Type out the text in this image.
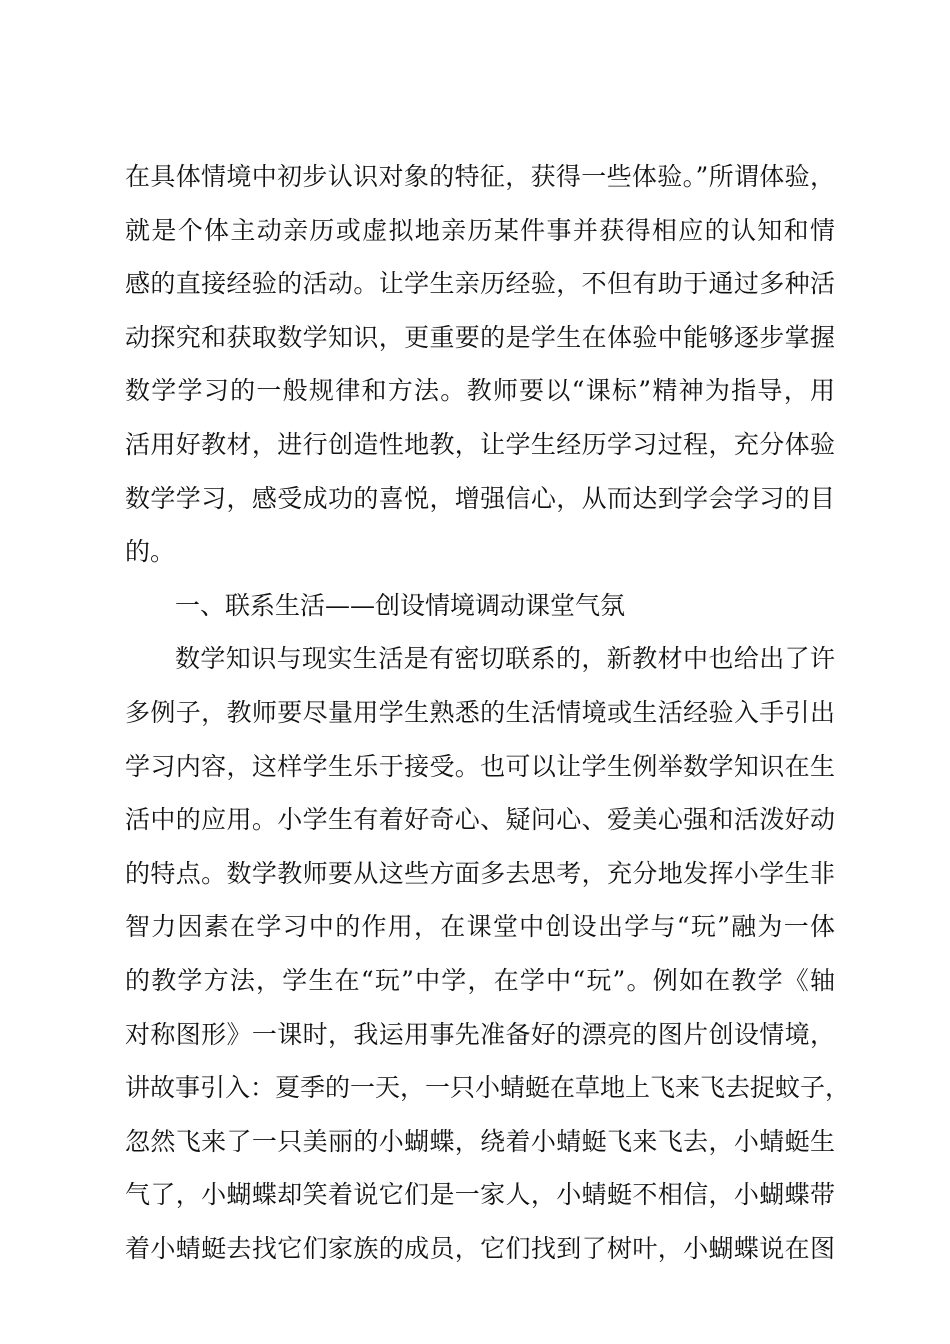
在具体情境中初步认识对象的特征，获得一些体验。”所谓体验，
就是个体主动亲历或虚拟地亲历某件事并获得相应的认知和情
感的直接经验的活动。让学生亲历经验，不但有助于通过多种活
动探究和获取数学知识，更重要的是学生在体验中能够逐步掌握
数学学习的一般规律和方法。教师要以“课标”精神为指导，用
活用好教材，进行创造性地教，让学生经历学习过程，充分体验
数学学习，感受成功的喜悦，增强信心，从而达到学会学习的目
的。
一、联系生活——创设情境调动课堂气氛
数学知识与现实生活是有密切联系的，新教材中也给出了许
多例子，教师要尽量用学生熟悉的生活情境或生活经验入手引出
学习内容，这样学生乐于接受。也可以让学生例举数学知识在生
活中的应用。小学生有着好奇心、疑问心、爱美心强和活泼好动
的特点。数学教师要从这些方面多去思考，充分地发挥小学生非
智力因素在学习中的作用，在课堂中创设出学与“玩”融为一体
的教学方法，学生在“玩”中学，在学中“玩”。例如在教学《轴
对称图形》一课时，我运用事先准备好的漂亮的图片创设情境，
讲故事引入：夏季的一天，一只小蜻蜓在草地上飞来飞去捉蚊子，
忽然飞来了一只美丽的小蝴蝶，绕着小蜻蜓飞来飞去，小蜻蜓生
气了，小蝴蝶却笑着说它们是一家人，小蜻蜓不相信，小蝴蝶带
着小蜻蜓去找它们家族的成员，它们找到了树叶，小蝴蝶说在图
